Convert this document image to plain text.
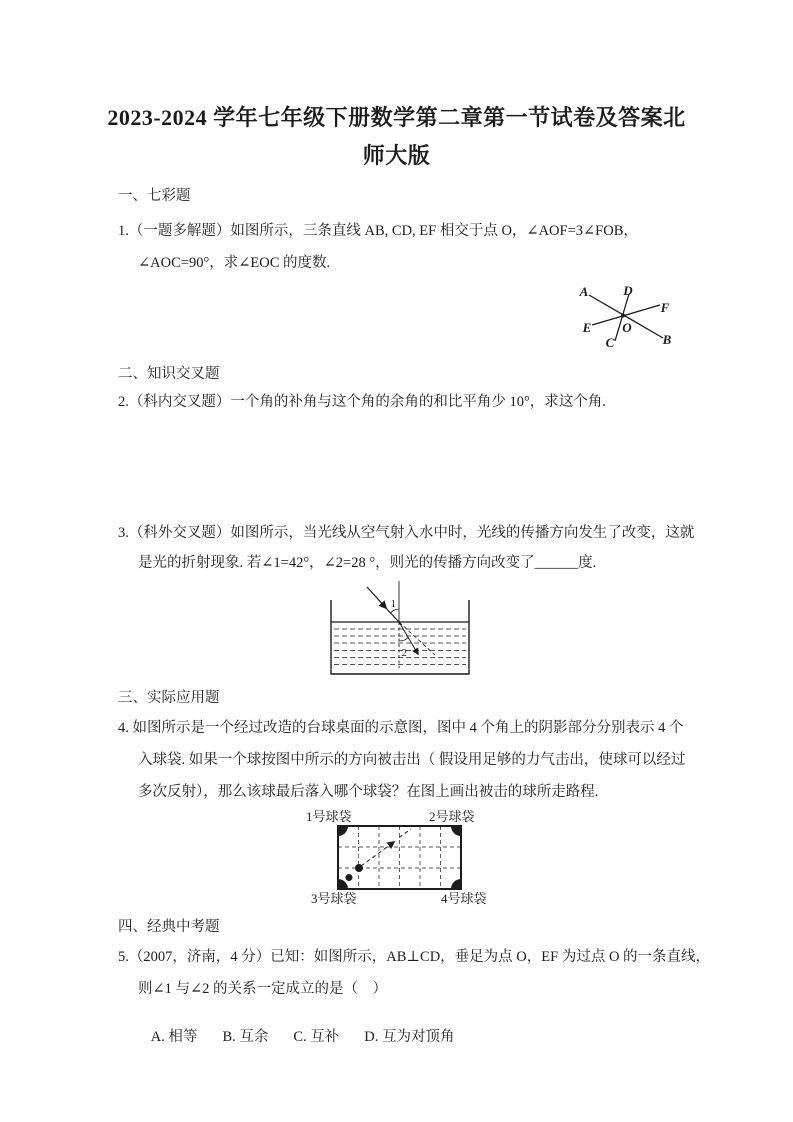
2023-2024 学年七年级下册数学第二章第一节试卷及答案北
师大版
一、七彩题
1.（一题多解题）如图所示，三条直线 AB, CD, EF 相交于点 O，∠AOF=3∠FOB，
∠AOC=90°，求∠EOC 的度数.
A	D
F
E O
C	B
二、知识交叉题
2.（科内交叉题）一个角的补角与这个角的余角的和比平角少 10°，求这个角.
3.（科外交叉题）如图所示，当光线从空气射入水中时，光线的传播方向发生了改变，这就
是光的折射现象. 若∠1=42°，∠2=28 °，则光的传播方向改变了______度.
1
2
三、实际应用题
4. 如图所示是一个经过改造的台球桌面的示意图，图中 4 个角上的阴影部分分别表示 4 个
入球袋. 如果一个球按图中所示的方向被击出（ 假设用足够的力气击出，使球可以经过
多次反射），那么该球最后落入哪个球袋？在图上画出被击的球所走路程.
1号球袋	2号球袋
3号球袋	4号球袋
四、经典中考题
5.（2007，济南，4 分）已知：如图所示，AB⊥CD，垂足为点 O，EF 为过点 O 的一条直线，
则∠1 与∠2 的关系一定成立的是（　）

A. 相等 B. 互余 C. 互补 D. 互为对顶角
